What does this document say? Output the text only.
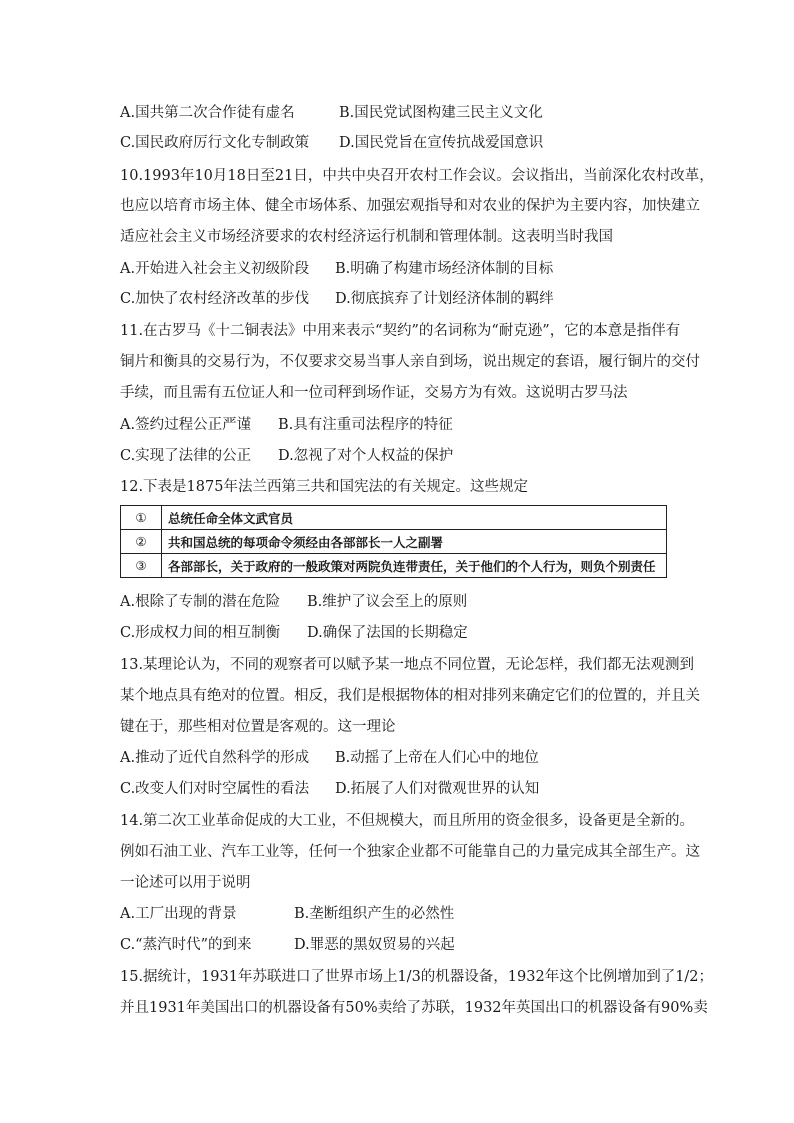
A.国共第二次合作徒有虚名	B.国民党试图构建三民主义文化
C.国民政府厉行文化专制政策 D.国民党旨在宣传抗战爱国意识
10.1993年10月18日至21日，中共中央召开农村工作会议。会议指出，当前深化农村改革，
也应以培育市场主体、健全市场体系、加强宏观指导和对农业的保护为主要内容，加快建立
适应社会主义市场经济要求的农村经济运行机制和管理体制。这表明当时我国
A.开始进入社会主义初级阶段 B.明确了构建市场经济体制的目标
C.加快了农村经济改革的步伐 D.彻底摈弃了计划经济体制的羁绊
11.在古罗马《十二铜表法》中用来表示“契约”的名词称为“耐克逊”，它的本意是指伴有
铜片和衡具的交易行为，不仅要求交易当事人亲自到场，说出规定的套语，履行铜片的交付
手续，而且需有五位证人和一位司秤到场作证，交易方为有效。这说明古罗马法
A.签约过程公正严谨 B.具有注重司法程序的特征
C.实现了法律的公正 D.忽视了对个人权益的保护
12.下表是1875年法兰西第三共和国宪法的有关规定。这些规定
①	总统任命全体文武官员
②	共和国总统的每项命令须经由各部部长一人之副署
③	各部部长，关于政府的一般政策对两院负连带责任，关于他们的个人行为，则负个别责任
A.根除了专制的潜在危险 B.维护了议会至上的原则
C.形成权力间的相互制衡 D.确保了法国的长期稳定
13.某理论认为，不同的观察者可以赋予某一地点不同位置，无论怎样，我们都无法观测到
某个地点具有绝对的位置。相反，我们是根据物体的相对排列来确定它们的位置的，并且关
键在于，那些相对位置是客观的。这一理论
A.推动了近代自然科学的形成 B.动摇了上帝在人们心中的地位
C.改变人们对时空属性的看法 D.拓展了人们对微观世界的认知
14.第二次工业革命促成的大工业，不但规模大，而且所用的资金很多，设备更是全新的。
例如石油工业、汽车工业等，任何一个独家企业都不可能靠自己的力量完成其全部生产。这
一论述可以用于说明
A.工厂出现的背景	B.垄断组织产生的必然性
C.“蒸汽时代”的到来	D.罪恶的黑奴贸易的兴起
15.据统计，1931年苏联进口了世界市场上1/3的机器设备，1932年这个比例增加到了1/2；
并且1931年美国出口的机器设备有50%卖给了苏联，1932年英国出口的机器设备有90%卖
